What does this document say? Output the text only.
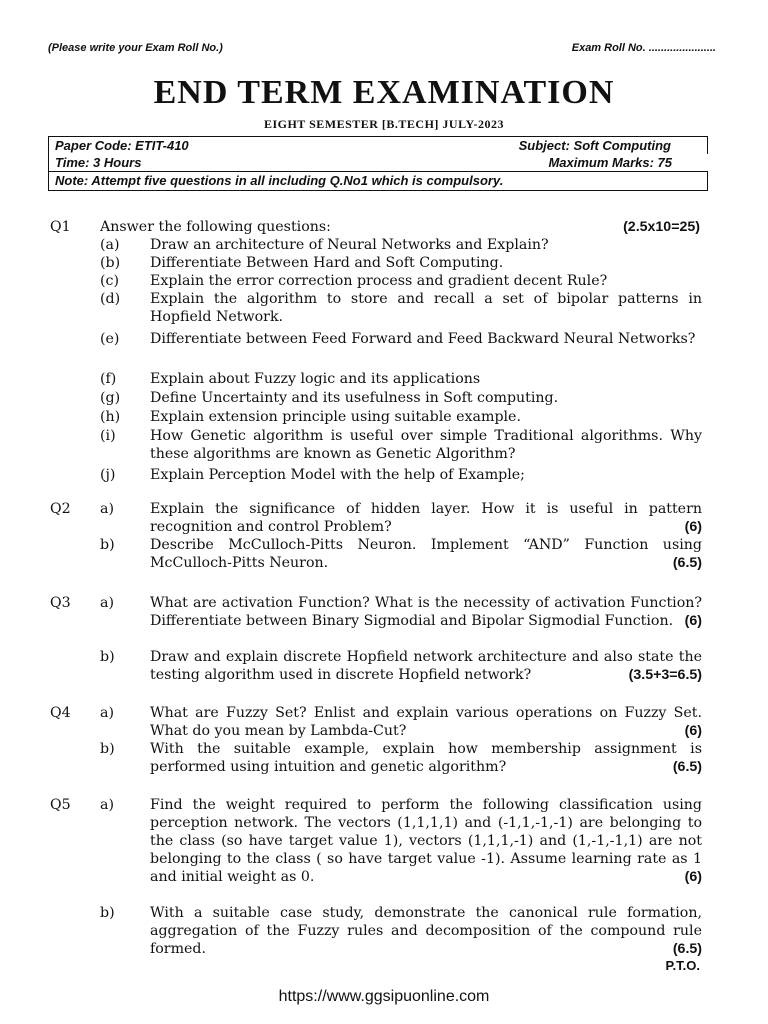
(Please write your Exam Roll No.)	Exam Roll No. ......................
END TERM EXAMINATION
EIGHT SEMESTER [B.TECH] JULY-2023
Paper Code: ETIT-410	Subject: Soft Computing
Time: 3 Hours	Maximum Marks: 75
Note: Attempt five questions in all including Q.No1 which is compulsory.
Q1 Answer the following questions:	(2.5x10=25)
(a) Draw an architecture of Neural Networks and Explain?
(b) Differentiate Between Hard and Soft Computing.
(c) Explain the error correction process and gradient decent Rule?
(d) Explain the algorithm to store and recall a set of bipolar patterns in Hopfield Network.
(e) Differentiate between Feed Forward and Feed Backward Neural Networks?
(f) Explain about Fuzzy logic and its applications
(g) Define Uncertainty and its usefulness in Soft computing.
(h) Explain extension principle using suitable example.
(i) How Genetic algorithm is useful over simple Traditional algorithms. Why these algorithms are known as Genetic Algorithm?
(j) Explain Perception Model with the help of Example;
Q2 a)	Explain the significance of hidden layer. How it is useful in pattern recognition and control Problem?	(6)
b) Describe McCulloch-Pitts Neuron. Implement “AND” Function using McCulloch-Pitts Neuron.	(6.5)
Q3 a)	What are activation Function? What is the necessity of activation Function? Differentiate between Binary Sigmodial and Bipolar Sigmodial Function. (6)
b) Draw and explain discrete Hopfield network architecture and also state the testing algorithm used in discrete Hopfield network?	(3.5+3=6.5)
Q4 a)	What are Fuzzy Set? Enlist and explain various operations on Fuzzy Set. What do you mean by Lambda-Cut?	(6)
b) With the suitable example, explain how membership assignment is performed using intuition and genetic algorithm?	(6.5)
Q5 a)	Find the weight required to perform the following classification using perception network. The vectors (1,1,1,1) and (-1,1,-1,-1) are belonging to the class (so have target value 1), vectors (1,1,1,-1) and (1,-1,-1,1) are not belonging to the class ( so have target value -1). Assume learning rate as 1 and initial weight as 0.	(6)
b) With a suitable case study, demonstrate the canonical rule formation, aggregation of the Fuzzy rules and decomposition of the compound rule formed.	(6.5)
P.T.O.
https://www.ggsipuonline.com
